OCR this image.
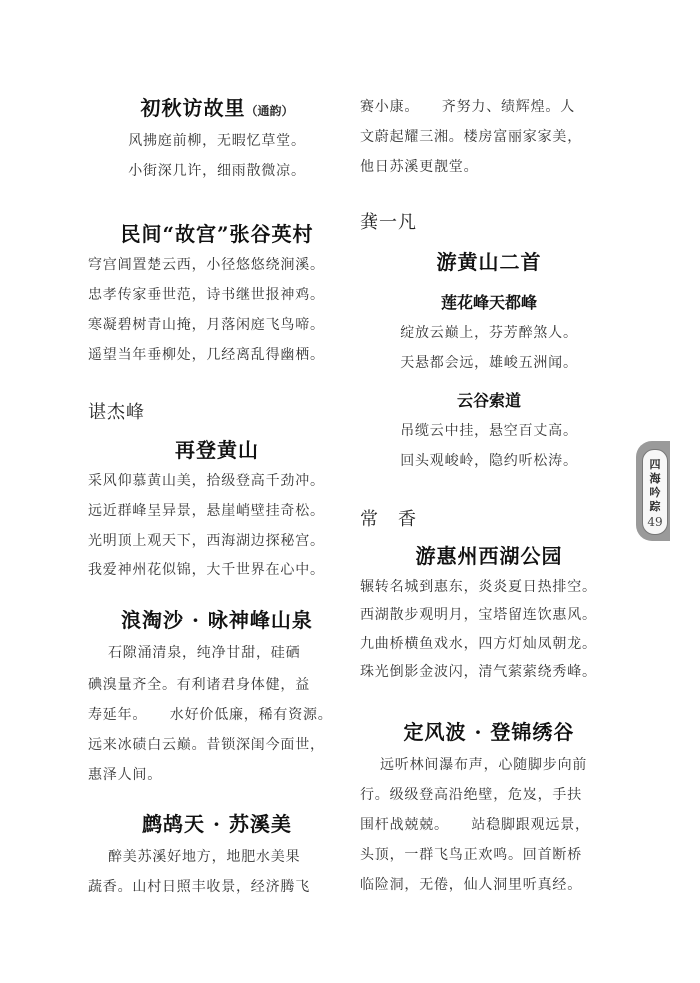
初秋访故里（通韵）
风拂庭前柳，无暇忆草堂。
小街深几许，细雨散微凉。
民间“故宫”张谷英村
穹宫阊置楚云西，小径悠悠绕涧溪。
忠孝传家垂世范，诗书继世报神鸡。
寒凝碧树青山掩，月落闲庭飞鸟啼。
遥望当年垂柳处，几经离乱得幽栖。
谌杰峰
再登黄山
采风仰慕黄山美，拾级登高千劲冲。
远近群峰呈异景，悬崖峭壁挂奇松。
光明顶上观天下，西海湖边探秘宫。
我爱神州花似锦，大千世界在心中。
浪淘沙 · 咏神峰山泉
石隙涌清泉，纯净甘甜，硅硒
碘溴量齐全。有利诸君身体健，益
寿延年。　　水好价低廉，稀有资源。
远来冰碛白云巅。昔锁深闺今面世，
惠泽人间。
鹧鸪天 · 苏溪美
醉美苏溪好地方，地肥水美果
蔬香。山村日照丰收景，经济腾飞
赛小康。　　齐努力、绩辉煌。人
文蔚起耀三湘。楼房富丽家家美，
他日苏溪更靓堂。
龚一凡
游黄山二首
莲花峰天都峰
绽放云巅上，芬芳醉煞人。
天悬都会远，雄峻五洲闻。
云谷索道
吊缆云中挂，悬空百丈高。
回头观峻岭，隐约听松涛。
常　香
游惠州西湖公园
辗转名城到惠东，炎炎夏日热排空。
西湖散步观明月，宝塔留连饮惠风。
九曲桥横鱼戏水，四方灯灿凤朝龙。
珠光倒影金波闪，清气萦萦绕秀峰。
定风波 · 登锦绣谷
远听林间瀑布声，心随脚步向前
行。级级登高沿绝壁，危岌，手扶
围杆战兢兢。　　站稳脚跟观远景，
头顶，一群飞鸟正欢鸣。回首断桥
临险洞，无倦，仙人洞里听真经。
四
海
吟
踪
49
